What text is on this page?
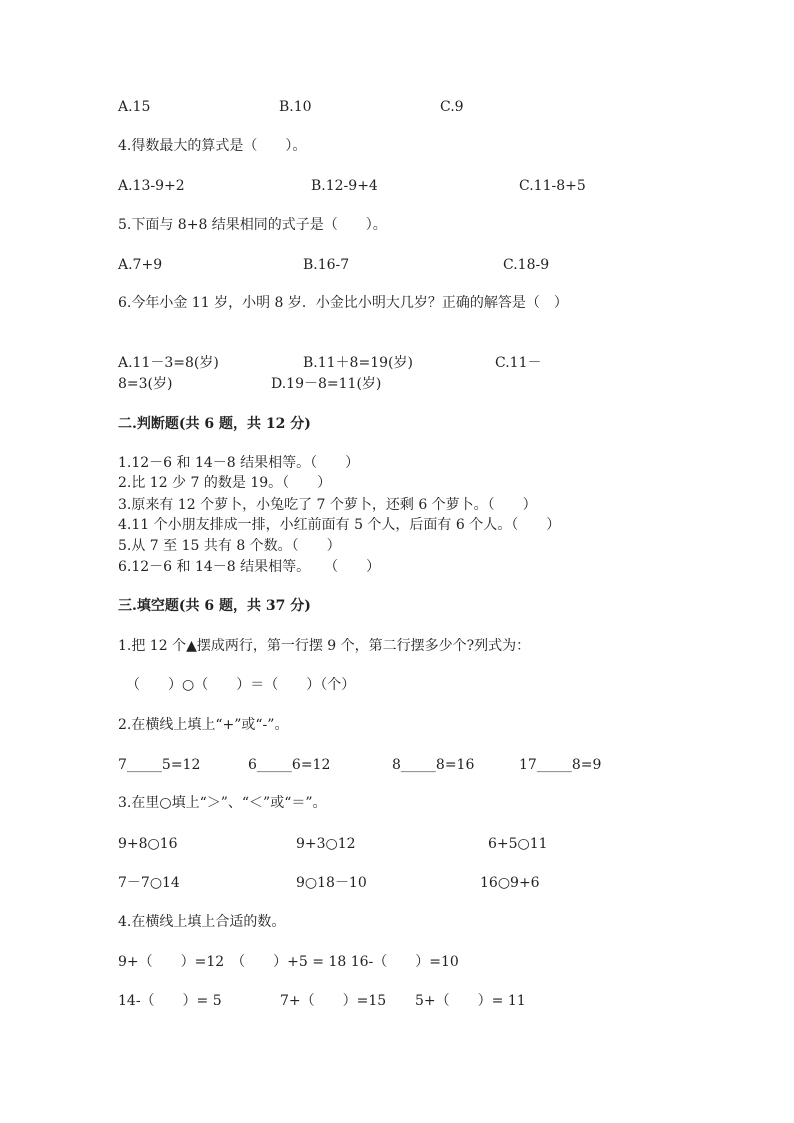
A.15	B.10	C.9
4.得数最大的算式是（　　）。
A.13-9+2	B.12-9+4	C.11-8+5
5.下面与 8+8 结果相同的式子是（　　）。
A.7+9	B.16-7	C.18-9
6.今年小金 11 岁，小明 8 岁．小金比小明大几岁？正确的解答是（　）
A.11－3=8(岁)	B.11＋8=19(岁)	C.11－
8=3(岁)	D.19－8=11(岁)
二.判断题(共 6 题，共 12 分)
1.12－6 和 14－8 结果相等。（　　）
2.比 12 少 7 的数是 19。（　　）
3.原来有 12 个萝卜，小兔吃了 7 个萝卜，还剩 6 个萝卜。（　　）
4.11 个小朋友排成一排，小红前面有 5 个人，后面有 6 个人。（　　）
5.从 7 至 15 共有 8 个数。（　　）
6.12－6 和 14－8 结果相等。　　（　　）
三.填空题(共 6 题，共 37 分)
1.把 12 个▲摆成两行，第一行摆 9 个，第二行摆多少个?列式为：
（　　）○（　　）＝（　　）（个）
2.在横线上填上“+”或“-”。
7_____5=12	6_____6=12	8_____8=16	17_____8=9
3.在里○填上“＞”、“＜”或“＝”。
9+8○16	9+3○12	6+5○11
7－7○14	9○18－10	16○9+6
4.在横线上填上合适的数。
9+（　　）=12　（　　）+5 = 18 16-（　　）=10
14-（　　）= 5	7+（　　）=15 5+（　　）= 11
